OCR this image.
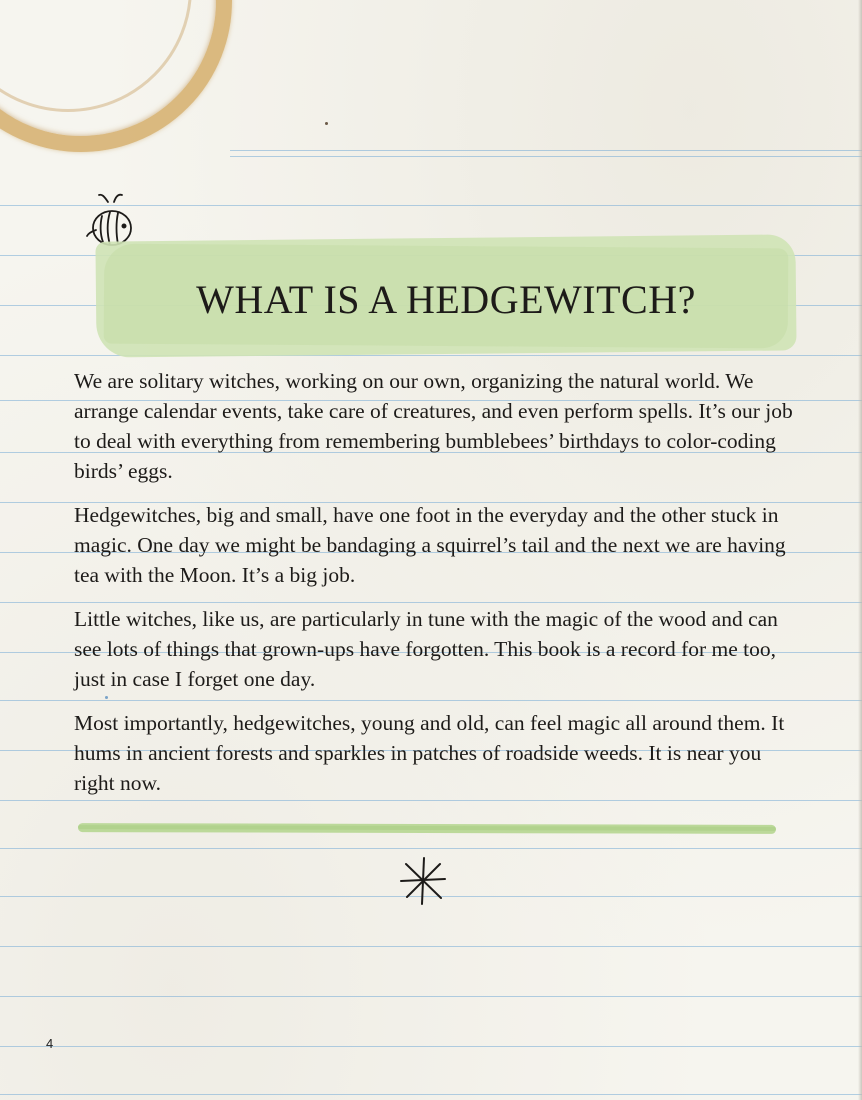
WHAT IS A HEDGEWITCH?

We are solitary witches, working on our own, organizing the natural world. We arrange calendar events, take care of creatures, and even perform spells. It’s our job to deal with everything from remembering bumblebees’ birthdays to color-coding birds’ eggs.

Hedgewitches, big and small, have one foot in the everyday and the other stuck in magic. One day we might be bandaging a squirrel’s tail and the next we are having tea with the Moon. It’s a big job.

Little witches, like us, are particularly in tune with the magic of the wood and can see lots of things that grown-ups have forgotten. This book is a record for me too, just in case I forget one day.

Most importantly, hedgewitches, young and old, can feel magic all around them. It hums in ancient forests and sparkles in patches of roadside weeds. It is near you right now.

4
